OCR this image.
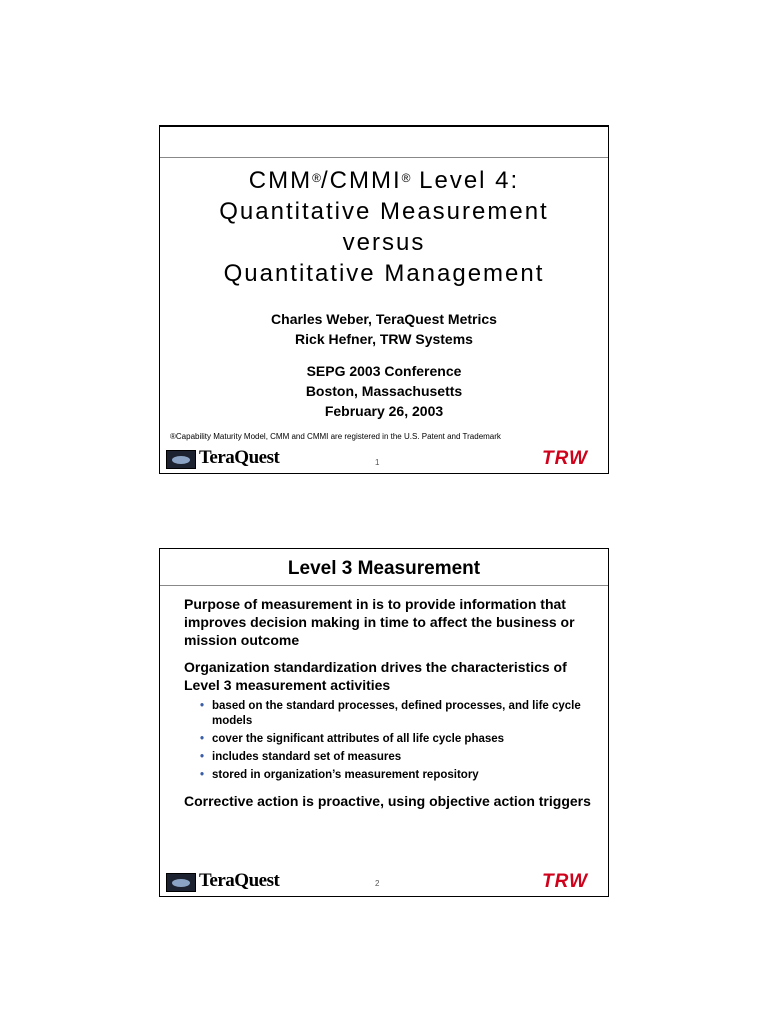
CMM®/CMMI® Level 4:
Quantitative Measurement
versus
Quantitative Management
Charles Weber, TeraQuest Metrics
Rick Hefner, TRW Systems
SEPG 2003 Conference
Boston, Massachusetts
February 26, 2003
®Capability Maturity Model, CMM and CMMI are registered in the U.S. Patent and Trademark
TeraQuest	1	TRW
Level 3 Measurement

Purpose of measurement in is to provide information that improves decision making in time to affect the business or mission outcome

Organization standardization drives the characteristics of Level 3 measurement activities

• based on the standard processes, defined processes, and life cycle models
• cover the significant attributes of all life cycle phases
• includes standard set of measures
• stored in organization’s measurement repository

Corrective action is proactive, using objective action triggers

TeraQuest	2	TRW
